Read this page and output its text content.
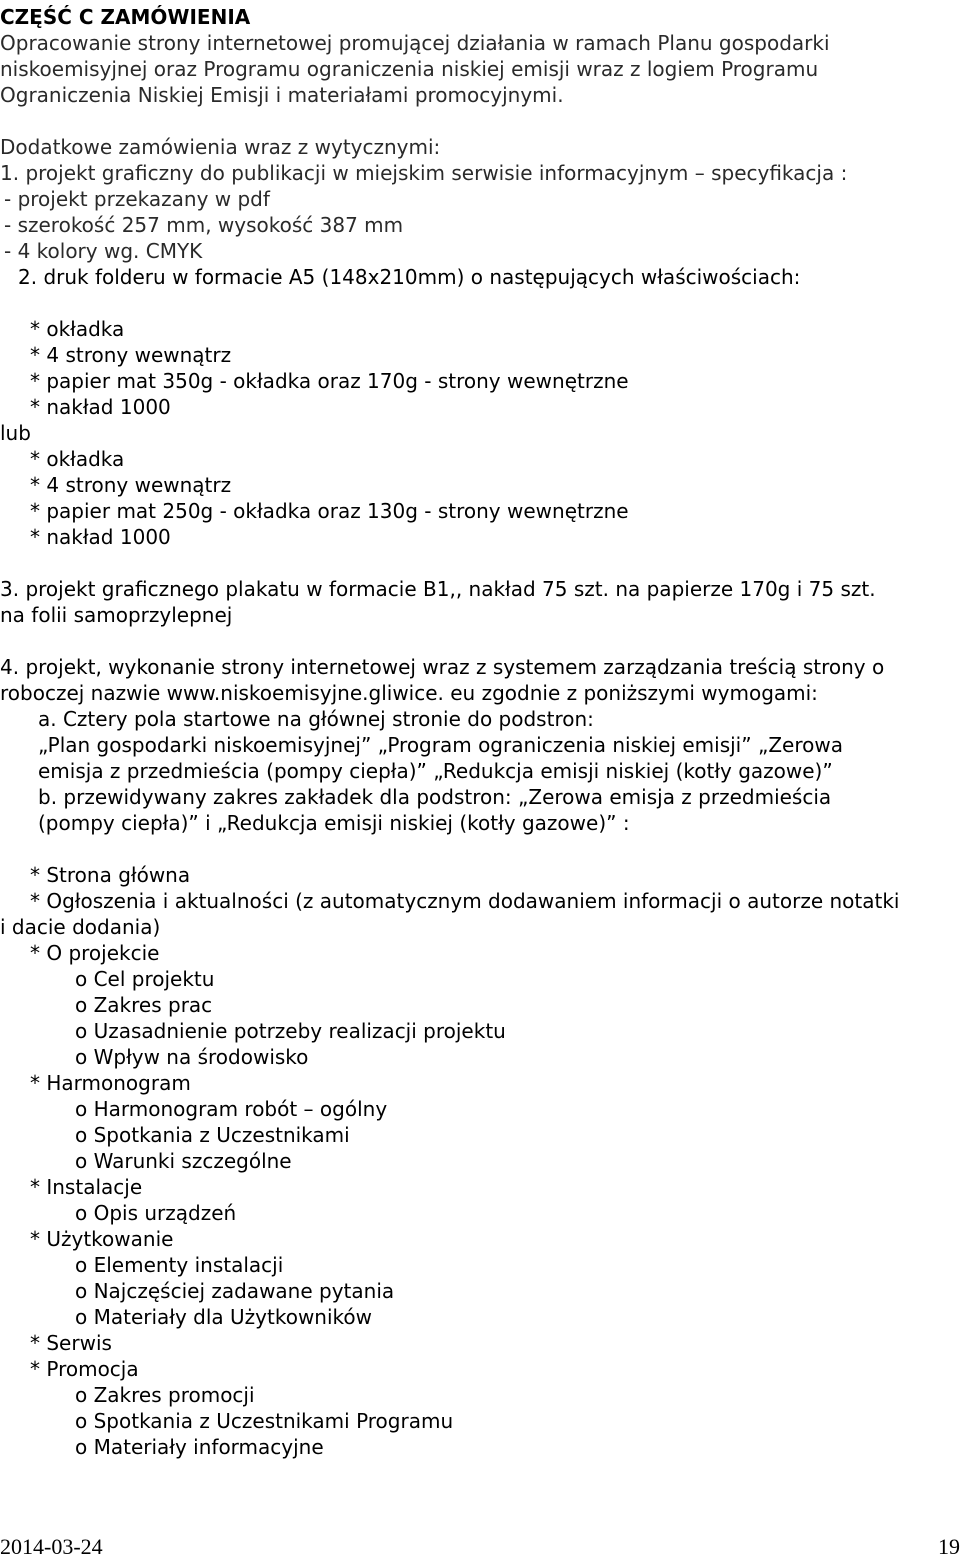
CZĘŚĆ C ZAMÓWIENIA
Opracowanie strony internetowej promującej działania w ramach Planu gospodarki
niskoemisyjnej oraz Programu ograniczenia niskiej emisji wraz z logiem Programu
Ograniczenia Niskiej Emisji i materiałami promocyjnymi.
Dodatkowe zamówienia wraz z wytycznymi:
1. projekt graficzny do publikacji w miejskim serwisie informacyjnym – specyfikacja :
- projekt przekazany w pdf
- szerokość 257 mm, wysokość 387 mm
- 4 kolory wg. CMYK
2. druk folderu w formacie A5 (148x210mm) o następujących właściwościach:
* okładka
* 4 strony wewnątrz
* papier mat 350g - okładka oraz 170g - strony wewnętrzne
* nakład 1000
lub
* okładka
* 4 strony wewnątrz
* papier mat 250g - okładka oraz 130g - strony wewnętrzne
* nakład 1000
3. projekt graficznego plakatu w formacie B1,, nakład 75 szt. na papierze 170g i 75 szt.
na folii samoprzylepnej
4. projekt, wykonanie strony internetowej wraz z systemem zarządzania treścią strony o
roboczej nazwie www.niskoemisyjne.gliwice. eu zgodnie z poniższymi wymogami:
a. Cztery pola startowe na głównej stronie do podstron:
„Plan gospodarki niskoemisyjnej” „Program ograniczenia niskiej emisji” „Zerowa
emisja z przedmieścia (pompy ciepła)” „Redukcja emisji niskiej (kotły gazowe)”
b. przewidywany zakres zakładek dla podstron: „Zerowa emisja z przedmieścia
(pompy ciepła)” i „Redukcja emisji niskiej (kotły gazowe)” :
* Strona główna
* Ogłoszenia i aktualności (z automatycznym dodawaniem informacji o autorze notatki
i dacie dodania)
* O projekcie
o Cel projektu
o Zakres prac
o Uzasadnienie potrzeby realizacji projektu
o Wpływ na środowisko
* Harmonogram
o Harmonogram robót – ogólny
o Spotkania z Uczestnikami
o Warunki szczególne
* Instalacje
o Opis urządzeń
* Użytkowanie
o Elementy instalacji
o Najczęściej zadawane pytania
o Materiały dla Użytkowników
* Serwis
* Promocja
o Zakres promocji
o Spotkania z Uczestnikami Programu
o Materiały informacyjne
2014-03-24	19
